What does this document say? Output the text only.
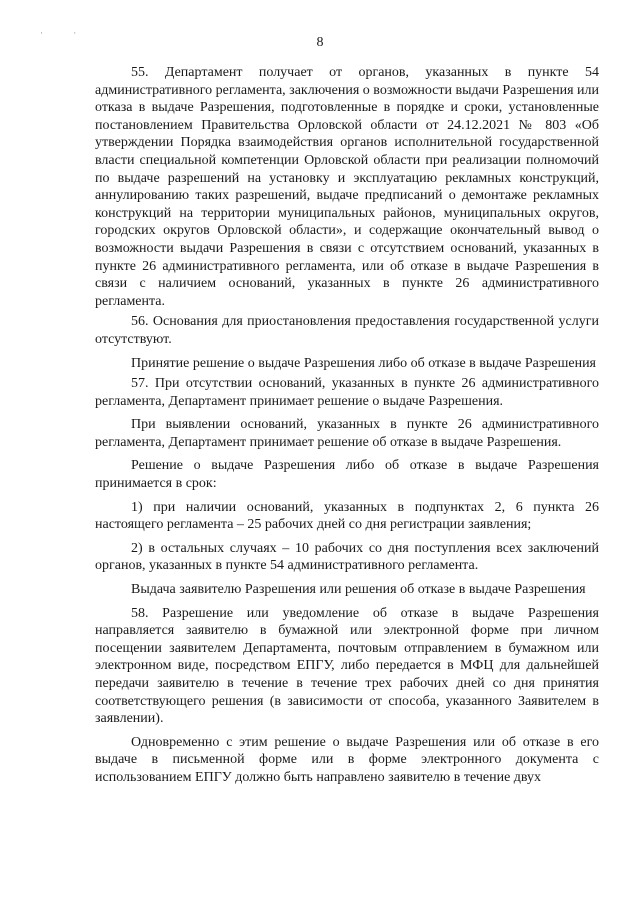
· ·
8

55. Департамент получает от органов, указанных в пункте 54 административного регламента, заключения о возможности выдачи Разрешения или отказа в выдаче Разрешения, подготовленные в порядке и сроки, установленные постановлением Правительства Орловской области от 24.12.2021 № 803 «Об утверждении Порядка взаимодействия органов исполнительной государственной власти специальной компетенции Орловской области при реализации полномочий по выдаче разрешений на установку и эксплуатацию рекламных конструкций, аннулированию таких разрешений, выдаче предписаний о демонтаже рекламных конструкций на территории муниципальных районов, муниципальных округов, городских округов Орловской области», и содержащие окончательный вывод о возможности выдачи Разрешения в связи с отсутствием оснований, указанных в пункте 26 административного регламента, или об отказе в выдаче Разрешения в связи с наличием оснований, указанных в пункте 26 административного регламента.

56. Основания для приостановления предоставления государственной услуги отсутствуют.

Принятие решение о выдаче Разрешения либо об отказе в выдаче Разрешения

57. При отсутствии оснований, указанных в пункте 26 административного регламента, Департамент принимает решение о выдаче Разрешения.

При выявлении оснований, указанных в пункте 26 административного регламента, Департамент принимает решение об отказе в выдаче Разрешения.

Решение о выдаче Разрешения либо об отказе в выдаче Разрешения принимается в срок:

1) при наличии оснований, указанных в подпунктах 2, 6 пункта 26 настоящего регламента – 25 рабочих дней со дня регистрации заявления;

2) в остальных случаях – 10 рабочих со дня поступления всех заключений органов, указанных в пункте 54 административного регламента.

Выдача заявителю Разрешения или решения об отказе в выдаче Разрешения

58. Разрешение или уведомление об отказе в выдаче Разрешения направляется заявителю в бумажной или электронной форме при личном посещении заявителем Департамента, почтовым отправлением в бумажном или электронном виде, посредством ЕПГУ, либо передается в МФЦ для дальнейшей передачи заявителю в течение в течение трех рабочих дней со дня принятия соответствующего решения (в зависимости от способа, указанного Заявителем в заявлении).

Одновременно с этим решение о выдаче Разрешения или об отказе в его выдаче в письменной форме или в форме электронного документа с использованием ЕПГУ должно быть направлено заявителю в течение двух
